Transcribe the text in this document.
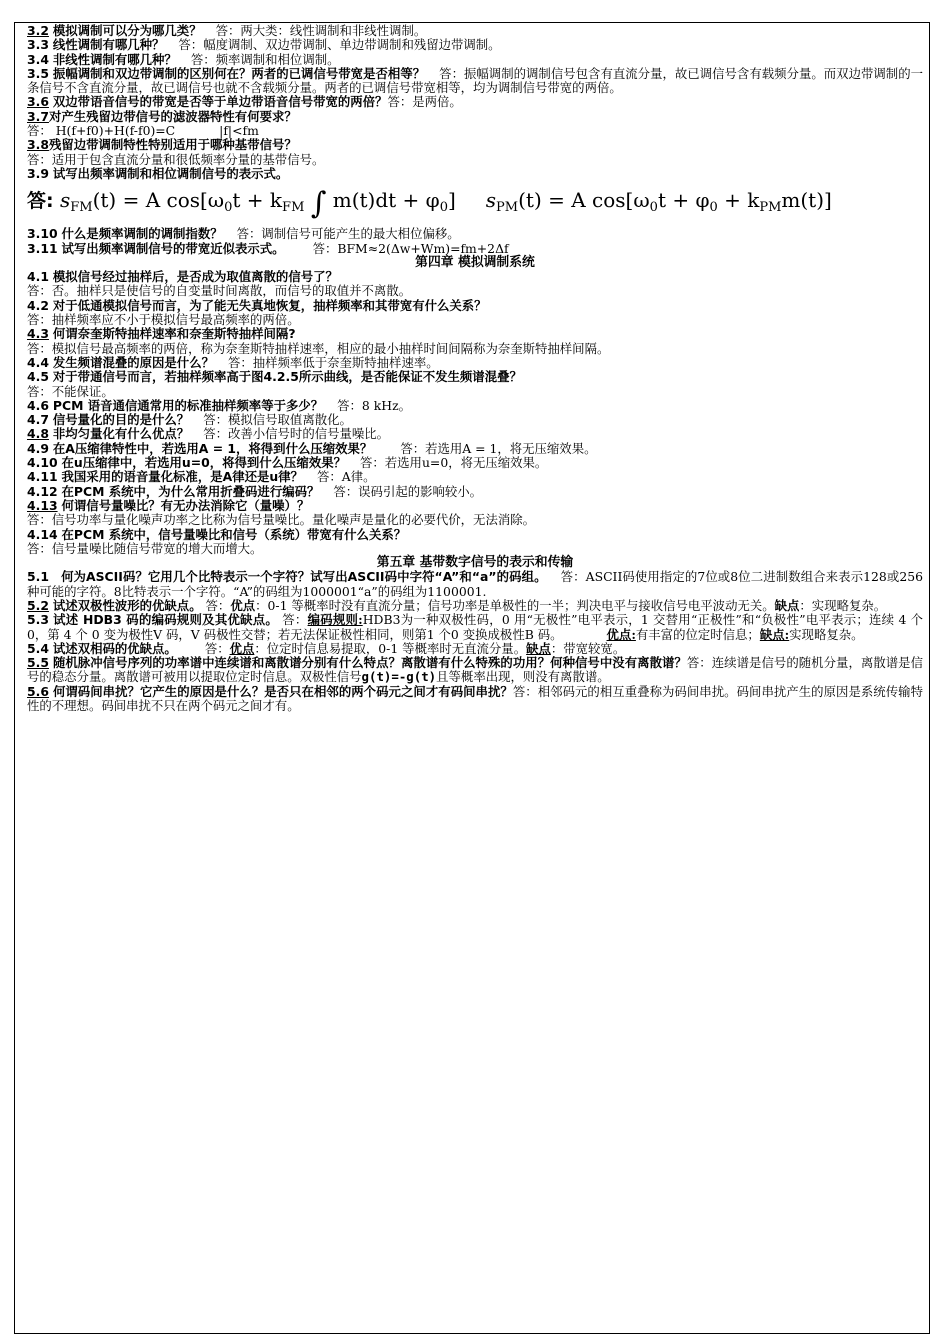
3.2 模拟调制可以分为哪几类？ 答：两大类：线性调制和非线性调制。

3.3 线性调制有哪几种？ 答：幅度调制、双边带调制、单边带调制和残留边带调制。

3.4 非线性调制有哪几种？ 答：频率调制和相位调制。

3.5 振幅调制和双边带调制的区别何在？两者的已调信号带宽是否相等？ 答：振幅调制的调制信号包含有直流分量，故已调信号含有载频分量。而双边带调制的一条信号不含直流分量，故已调信号也就不含载频分量。两者的已调信号带宽相等，均为调制信号带宽的两倍。

3.6 双边带语音信号的带宽是否等于单边带语音信号带宽的两倍？答：是两倍。

3.7对产生残留边带信号的滤波器特性有何要求？

答： H(f+f0)+H(f-f0)=C	|f|<fm

3.8残留边带调制特性特别适用于哪种基带信号？

答：适用于包含直流分量和很低频率分量的基带信号。

3.9 试写出频率调制和相位调制信号的表示式。

答: $s_{FM}(t) = A$ $\cos[\omega_0t + k_{FM}$ ∫ $m(t)dt + \varphi_0$] $s_{PM}(t) = A$ $\cos[\omega_0t + \varphi_0 + k_{PM}m(t)]$

3.10 什么是频率调制的调制指数？ 答：调制信号可能产生的最大相位偏移。

3.11 试写出频率调制信号的带宽近似表示式。 答：BFM≈2(Δw+Wm)=fm+2Δf

第四章 模拟调制系统

4.1 模拟信号经过抽样后，是否成为取值离散的信号了？

答：否。抽样只是使信号的自变量时间离散，而信号的取值并不离散。

4.2 对于低通模拟信号而言，为了能无失真地恢复，抽样频率和其带宽有什么关系？

答：抽样频率应不小于模拟信号最高频率的两倍。

4.3 何谓奈奎斯特抽样速率和奈奎斯特抽样间隔?

答：模拟信号最高频率的两倍，称为奈奎斯特抽样速率，相应的最小抽样时间间隔称为奈奎斯特抽样间隔。

4.4 发生频谱混叠的原因是什么？ 答：抽样频率低于奈奎斯特抽样速率。

4.5 对于带通信号而言，若抽样频率高于图4.2.5所示曲线，是否能保证不发生频谱混叠？

答：不能保证。

4.6 PCM 语音通信通常用的标准抽样频率等于多少？ 答：8 kHz。

4.7 信号量化的目的是什么？ 答：模拟信号取值离散化。

4.8 非均匀量化有什么优点？ 答：改善小信号时的信号量噪比。

4.9 在A压缩律特性中，若选用A = 1，将得到什么压缩效果？ 答：若选用A = 1，将无压缩效果。

4.10 在u压缩律中，若选用u=0，将得到什么压缩效果？ 答：若选用u=0，将无压缩效果。

4.11 我国采用的语音量化标准，是A律还是u律？ 答：A律。

4.12 在PCM 系统中，为什么常用折叠码进行编码？ 答：误码引起的影响较小。

4.13 何谓信号量噪比？有无办法消除它（量噪）？

答：信号功率与量化噪声功率之比称为信号量噪比。量化噪声是量化的必要代价，无法消除。

4.14 在PCM 系统中，信号量噪比和信号（系统）带宽有什么关系？

答：信号量噪比随信号带宽的增大而增大。

第五章 基带数字信号的表示和传输

5.1 何为ASCII码？它用几个比特表示一个字符？试写出ASCII码中字符“A”和“a”的码组。 答：ASCII码使用指定的7位或8位二进制数组合来表示128或256种可能的字符。8比特表示一个字符。“A”的码组为1000001“a”的码组为1100001.

5.2 试述双极性波形的优缺点。 答：优点：0-1 等概率时没有直流分量；信号功率是单极性的一半；判决电平与接收信号电平波动无关。缺点：实现略复杂。

5.3 试述 HDB3 码的编码规则及其优缺点。 答：编码规则:HDB3为一种双极性码，0 用“无极性”电平表示，1 交替用“正极性”和“负极性”电平表示；连续 4 个0，第 4 个 0 变为极性V 码，V 码极性交替；若无法保证极性相同，则第1 个0 变换成极性B 码。	优点:有丰富的位定时信息；缺点:实现略复杂。

5.4 试述双相码的优缺点。 答：优点：位定时信息易提取，0-1 等概率时无直流分量。缺点：带宽较宽。

5.5 随机脉冲信号序列的功率谱中连续谱和离散谱分别有什么特点？离散谱有什么特殊的功用？何种信号中没有离散谱？答：连续谱是信号的随机分量，离散谱是信号的稳态分量。离散谱可被用以提取位定时信息。双极性信号g(t)=-g(t)且等概率出现，则没有离散谱。

5.6 何谓码间串扰？它产生的原因是什么？是否只在相邻的两个码元之间才有码间串扰？答：相邻码元的相互重叠称为码间串扰。码间串扰产生的原因是系统传输特性的不理想。码间串扰不只在两个码元之间才有。
